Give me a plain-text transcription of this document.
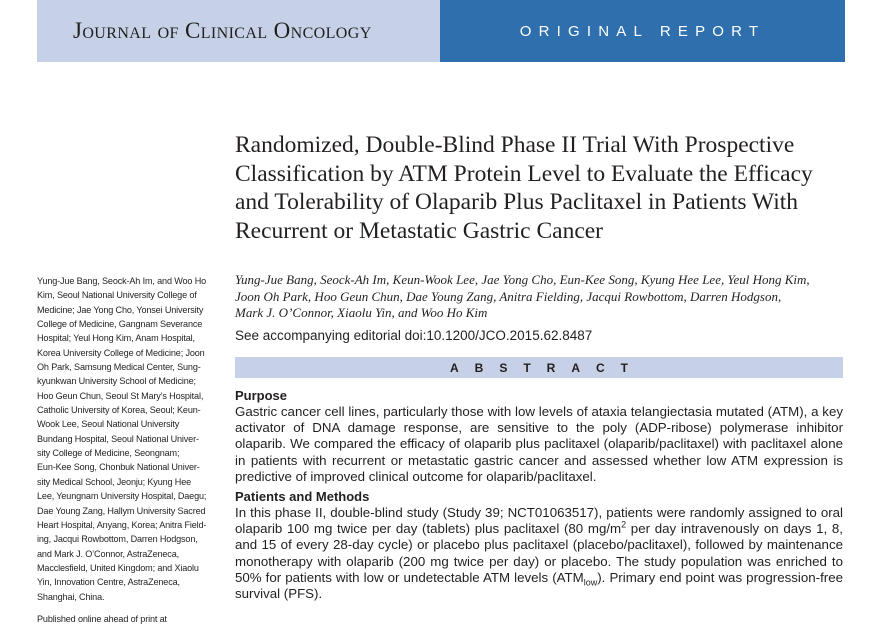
Journal of Clinical Oncology	ORIGINAL REPORT
Randomized, Double-Blind Phase II Trial With Prospective
Classification by ATM Protein Level to Evaluate the Efficacy
and Tolerability of Olaparib Plus Paclitaxel in Patients With
Recurrent or Metastatic Gastric Cancer
Yung-Jue Bang, Seock-Ah Im, Keun-Wook Lee, Jae Yong Cho, Eun-Kee Song, Kyung Hee Lee, Yeul Hong Kim,
Joon Oh Park, Hoo Geun Chun, Dae Young Zang, Anitra Fielding, Jacqui Rowbottom, Darren Hodgson,
Mark J. O’Connor, Xiaolu Yin, and Woo Ho Kim
See accompanying editorial doi:10.1200/JCO.2015.62.8487
ABSTRACT
Purpose
Gastric cancer cell lines, particularly those with low levels of ataxia telangiectasia mutated (ATM), a key activator of DNA damage response, are sensitive to the poly (ADP-ribose) polymerase inhibitor olaparib. We compared the efficacy of olaparib plus paclitaxel (olaparib/paclitaxel) with paclitaxel alone in patients with recurrent or metastatic gastric cancer and assessed whether low ATM expression is predictive of improved clinical outcome for olaparib/paclitaxel.
Patients and Methods
In this phase II, double-blind study (Study 39; NCT01063517), patients were randomly assigned to oral olaparib 100 mg twice per day (tablets) plus paclitaxel (80 $mg/m^2$ per day intravenously on days 1, 8, and 15 of every 28-day cycle) or placebo plus paclitaxel (placebo/paclitaxel), followed by maintenance monotherapy with olaparib (200 mg twice per day) or placebo. The study population was enriched to 50% for patients with low or undetectable ATM levels $(ATM_{low})$. Primary end point was progression-free survival (PFS).
Yung-Jue Bang, Seock-Ah Im, and Woo Ho
Kim, Seoul National University College of
Medicine; Jae Yong Cho, Yonsei University
College of Medicine, Gangnam Severance
Hospital; Yeul Hong Kim, Anam Hospital,
Korea University College of Medicine; Joon
Oh Park, Samsung Medical Center, Sung-
kyunkwan University School of Medicine;
Hoo Geun Chun, Seoul St Mary’s Hospital,
Catholic University of Korea, Seoul; Keun-
Wook Lee, Seoul National University
Bundang Hospital, Seoul National Univer-
sity College of Medicine, Seongnam;
Eun-Kee Song, Chonbuk National Univer-
sity Medical School, Jeonju; Kyung Hee
Lee, Yeungnam University Hospital, Daegu;
Dae Young Zang, Hallym University Sacred
Heart Hospital, Anyang, Korea; Anitra Field-
ing, Jacqui Rowbottom, Darren Hodgson,
and Mark J. O’Connor, AstraZeneca,
Macclesfield, United Kingdom; and Xiaolu
Yin, Innovation Centre, AstraZeneca,
Shanghai, China.
Published online ahead of print at
